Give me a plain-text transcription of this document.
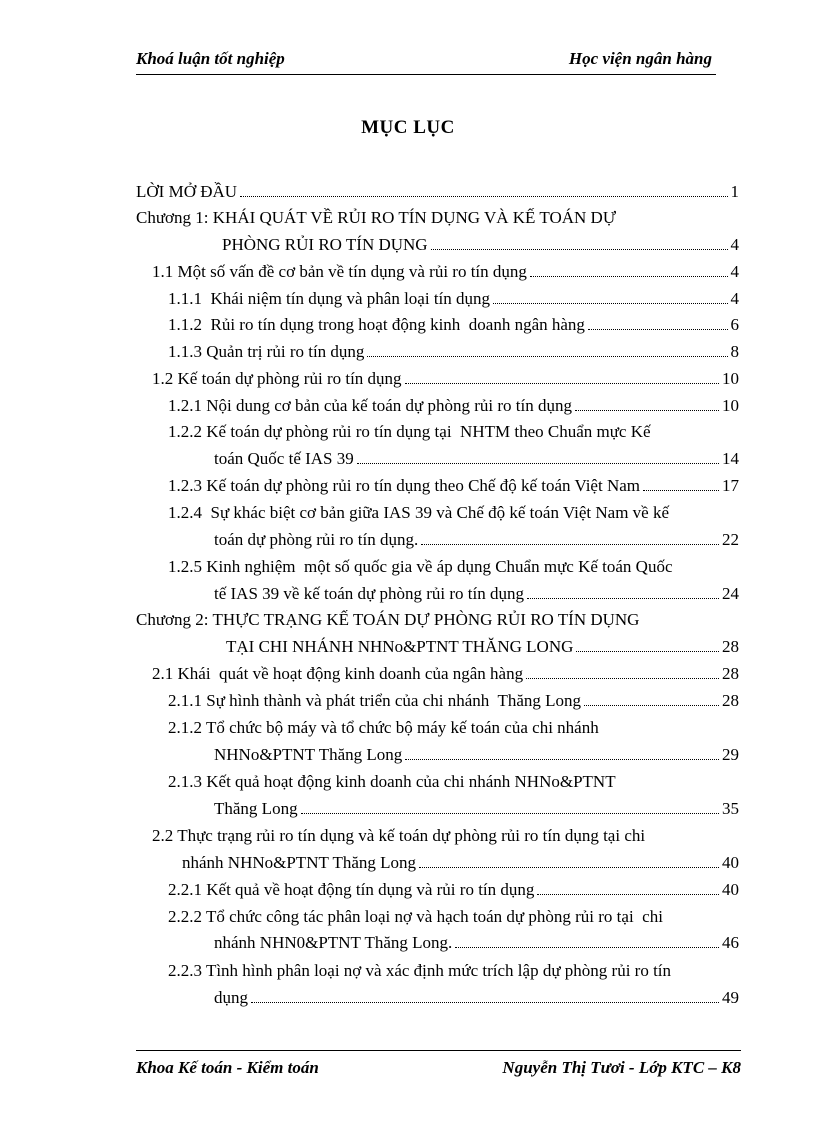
Khoá luận tốt nghiệp	Học viện ngân hàng
MỤC LỤC
LỜI MỞ ĐẦU	1
Chương 1: KHÁI QUÁT VỀ RỦI RO TÍN DỤNG VÀ KẾ TOÁN DỰ
PHÒNG RỦI RO TÍN DỤNG	4
1.1 Một số vấn đề cơ bản về tín dụng và rủi ro tín dụng	4
1.1.1  Khái niệm tín dụng và phân loại tín dụng	4
1.1.2  Rủi ro tín dụng trong hoạt động kinh  doanh ngân hàng	6
1.1.3 Quản trị rủi ro tín dụng	8
1.2 Kế toán dự phòng rủi ro tín dụng	10
1.2.1 Nội dung cơ bản của kế toán dự phòng rủi ro tín dụng	10
1.2.2 Kế toán dự phòng rủi ro tín dụng tại  NHTM theo Chuẩn mực Kế
toán Quốc tế IAS 39	14
1.2.3 Kế toán dự phòng rủi ro tín dụng theo Chế độ kế toán Việt Nam	17
1.2.4  Sự khác biệt cơ bản giữa IAS 39 và Chế độ kế toán Việt Nam về kế
toán dự phòng rủi ro tín dụng.	22
1.2.5 Kinh nghiệm  một số quốc gia về áp dụng Chuẩn mực Kế toán Quốc
tế IAS 39 về kế toán dự phòng rủi ro tín dụng	24
Chương 2: THỰC TRẠNG KẾ TOÁN DỰ PHÒNG RỦI RO TÍN DỤNG
TẠI CHI NHÁNH NHNo&PTNT THĂNG LONG	28
2.1 Khái  quát về hoạt động kinh doanh của ngân hàng	28
2.1.1 Sự hình thành và phát triển của chi nhánh  Thăng Long	28
2.1.2 Tổ chức bộ máy và tổ chức bộ máy kế toán của chi nhánh
NHNo&PTNT Thăng Long	29
2.1.3 Kết quả hoạt động kinh doanh của chi nhánh NHNo&PTNT
Thăng Long	35
2.2 Thực trạng rủi ro tín dụng và kế toán dự phòng rủi ro tín dụng tại chi
nhánh NHNo&PTNT Thăng Long	40
2.2.1 Kết quả về hoạt động tín dụng và rủi ro tín dụng	40
2.2.2 Tổ chức công tác phân loại nợ và hạch toán dự phòng rủi ro tại  chi
nhánh NHN0&PTNT Thăng Long.	46
2.2.3 Tình hình phân loại nợ và xác định mức trích lập dự phòng rủi ro tín
dụng	49
Khoa Kế toán - Kiểm toán	Nguyễn Thị Tươi - Lớp KTC – K8
